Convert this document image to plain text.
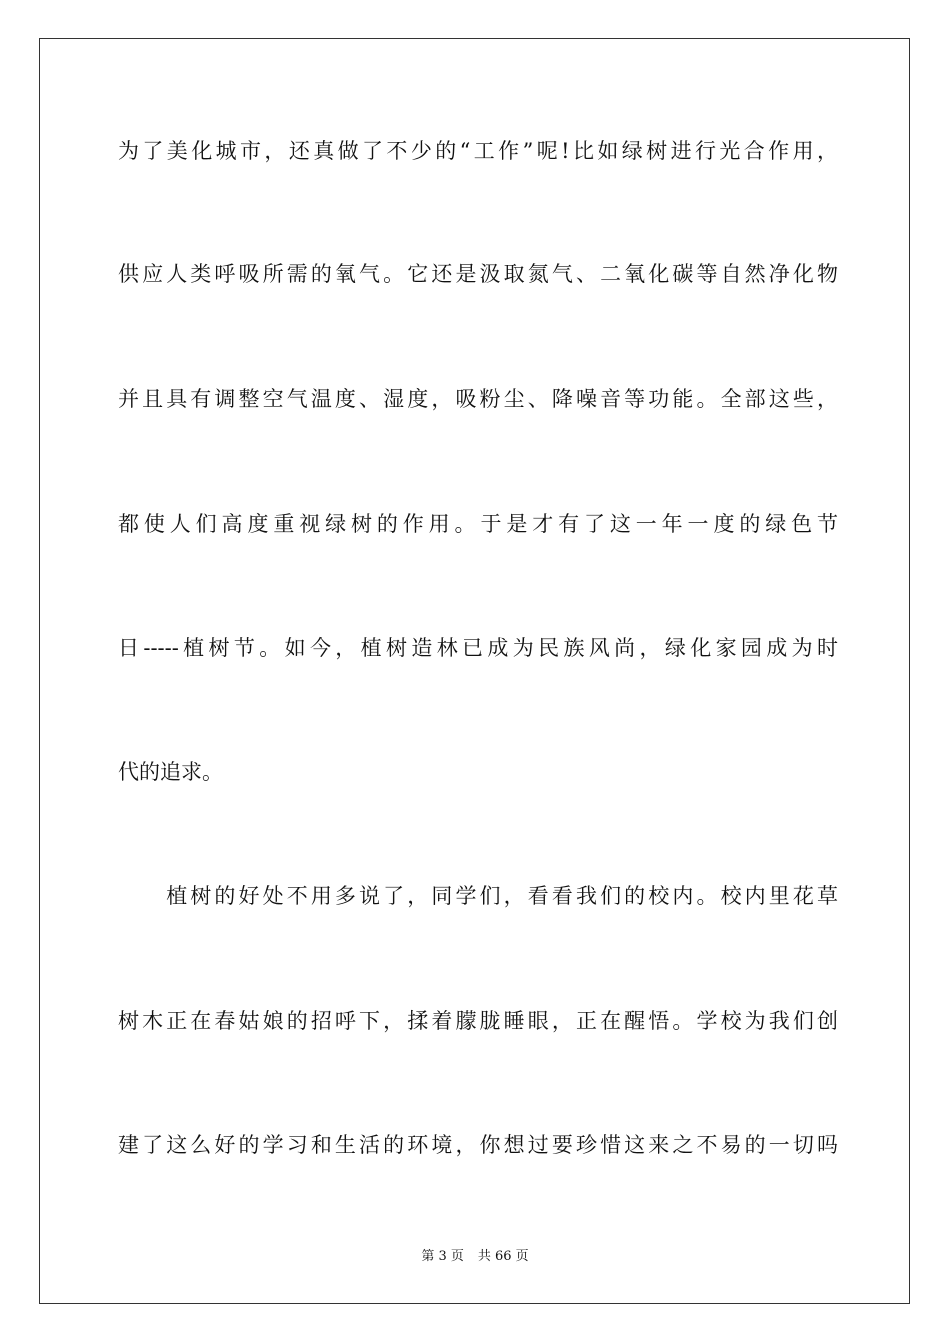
为了美化城市，还真做了不少的“工作”呢!比如绿树进行光合作用，
供应人类呼吸所需的氧气。它还是汲取氮气、二氧化碳等自然净化物
并且具有调整空气温度、湿度，吸粉尘、降噪音等功能。全部这些，
都使人们高度重视绿树的作用。于是才有了这一年一度的绿色节
日-----植树节。如今，植树造林已成为民族风尚，绿化家园成为时
代的追求。
　　植树的好处不用多说了，同学们，看看我们的校内。校内里花草
树木正在春姑娘的招呼下，揉着朦胧睡眼，正在醒悟。学校为我们创
建了这么好的学习和生活的环境，你想过要珍惜这来之不易的一切吗
第 3 页 共 66 页
